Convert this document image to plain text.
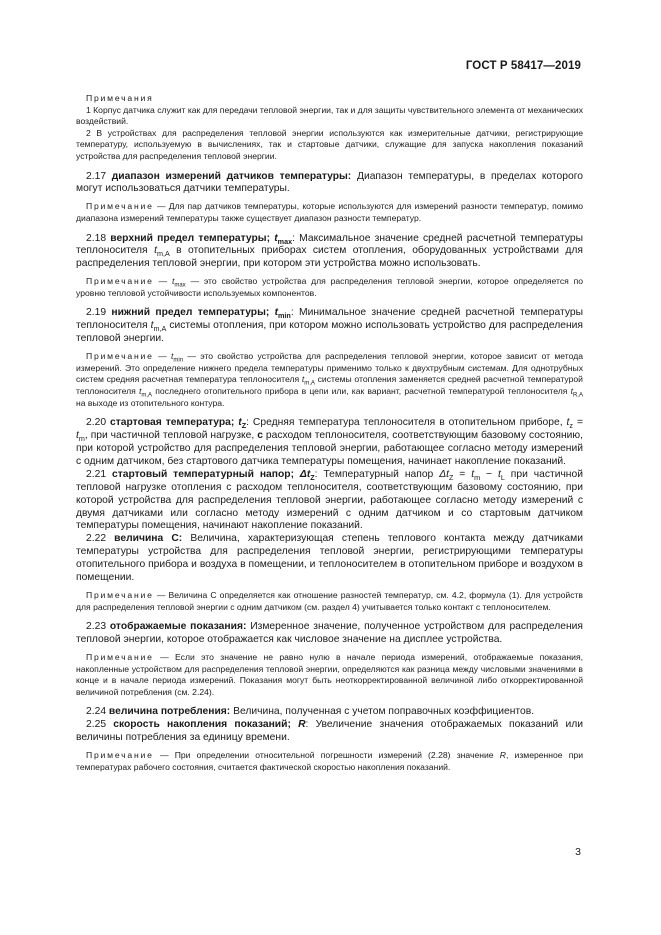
ГОСТ Р 58417—2019

Примечания

1 Корпус датчика служит как для передачи тепловой энергии, так и для защиты чувствительного элемента от механических воздействий.

2 В устройствах для распределения тепловой энергии используются как измерительные датчики, регистрирующие температуру, используемую в вычислениях, так и стартовые датчики, служащие для запуска накопления показаний устройства для распределения тепловой энергии.

2.17 диапазон измерений датчиков температуры: Диапазон температуры, в пределах которого могут использоваться датчики температуры.

Примечание — Для пар датчиков температуры, которые используются для измерений разности температур, помимо диапазона измерений температуры также существует диапазон разности температур.

2.18 верхний предел температуры; $t_{max}$: Максимальное значение средней расчетной температуры теплоносителя $t_{m,A}$ в отопительных приборах систем отопления, оборудованных устройствами для распределения тепловой энергии, при котором эти устройства можно использовать.

Примечание — $t_{max}$ — это свойство устройства для распределения тепловой энергии, которое определяется по уровню тепловой устойчивости используемых компонентов.

2.19 нижний предел температуры; $t_{min}$: Минимальное значение средней расчетной температуры теплоносителя $t_{m,A}$ системы отопления, при котором можно использовать устройство для распределения тепловой энергии.

Примечание — $t_{min}$ — это свойство устройства для распределения тепловой энергии, которое зависит от метода измерений. Это определение нижнего предела температуры применимо только к двухтрубным системам. Для однотрубных систем средняя расчетная температура теплоносителя $t_{m,A}$ системы отопления заменяется средней расчетной температурой теплоносителя $t_{m,A}$ последнего отопительного прибора в цепи или, как вариант, расчетной температурой теплоносителя $t_{R,A}$ на выходе из отопительного контура.

2.20 стартовая температура; $t_Z$: Средняя температура теплоносителя в отопительном приборе, $t_z = t_m$, при частичной тепловой нагрузке, c расходом теплоносителя, соответствующим базовому состоянию, при которой устройство для распределения тепловой энергии, работающее согласно методу измерений с одним датчиком, без стартового датчика температуры помещения, начинает накопление показаний.

2.21 стартовый температурный напор; $\Delta t_Z$: Температурный напор $\Delta t_Z = t_m - t_L$ при частичной тепловой нагрузке отопления с расходом теплоносителя, соответствующим базовому состоянию, при которой устройства для распределения тепловой энергии, работающее согласно методу измерений с двумя датчиками или согласно методу измерений с одним датчиком и со стартовым датчиком температуры помещения, начинают накопление показаний.

2.22 величина C: Величина, характеризующая степень теплового контакта между датчиками температуры устройства для распределения тепловой энергии, регистрирующими температуры отопительного прибора и воздуха в помещении, и теплоносителем в отопительном приборе и воздухом в помещении.

Примечание — Величина C определяется как отношение разностей температур, см. 4.2, формула (1). Для устройств для распределения тепловой энергии с одним датчиком (см. раздел 4) учитывается только контакт с теплоносителем.

2.23 отображаемые показания: Измеренное значение, полученное устройством для распределения тепловой энергии, которое отображается как числовое значение на дисплее устройства.

Примечание — Если это значение не равно нулю в начале периода измерений, отображаемые показания, накопленные устройством для распределения тепловой энергии, определяются как разница между числовыми значениями в конце и в начале периода измерений. Показания могут быть неоткорректированной величиной либо откорректированной величиной потребления (см. 2.24).

2.24 величина потребления: Величина, полученная с учетом поправочных коэффициентов.

2.25 скорость накопления показаний; R: Увеличение значения отображаемых показаний или величины потребления за единицу времени.

Примечание — При определении относительной погрешности измерений (2.28) значение R, измеренное при температурах рабочего состояния, считается фактической скоростью накопления показаний.

3
